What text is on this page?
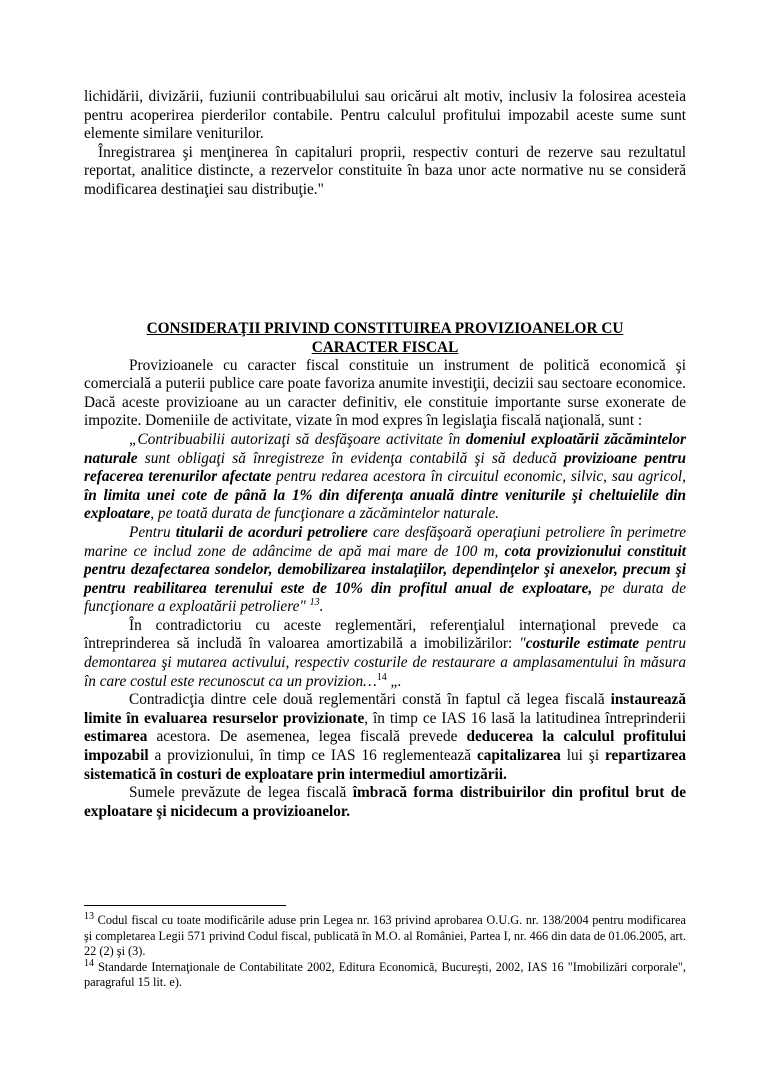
lichidării, divizării, fuziunii contribuabilului sau oricărui alt motiv, inclusiv la folosirea acesteia pentru acoperirea pierderilor contabile. Pentru calculul profitului impozabil aceste sume sunt elemente similare veniturilor.

Înregistrarea şi menţinerea în capitaluri proprii, respectiv conturi de rezerve sau rezultatul reportat, analitice distincte, a rezervelor constituite în baza unor acte normative nu se consideră modificarea destinaţiei sau distribuţie."

CONSIDERAŢII PRIVIND CONSTITUIREA PROVIZIOANELOR CU
CARACTER FISCAL

Provizioanele cu caracter fiscal constituie un instrument de politică economică şi comercială a puterii publice care poate favoriza anumite investiţii, decizii sau sectoare economice. Dacă aceste provizioane au un caracter definitiv, ele constituie importante surse exonerate de impozite. Domeniile de activitate, vizate în mod expres în legislaţia fiscală naţională, sunt :

„Contribuabilii autorizaţi să desfăşoare activitate în domeniul exploatării zăcămintelor naturale sunt obligaţi să înregistreze în evidenţa contabilă şi să deducă provizioane pentru refacerea terenurilor afectate pentru redarea acestora în circuitul economic, silvic, sau agricol, în limita unei cote de până la 1% din diferenţa anuală dintre veniturile şi cheltuielile din exploatare, pe toată durata de funcţionare a zăcămintelor naturale.

Pentru titularii de acorduri petroliere care desfăşoară operaţiuni petroliere în perimetre marine ce includ zone de adâncime de apă mai mare de 100 m, cota provizionului constituit pentru dezafectarea sondelor, demobilizarea instalaţiilor, dependinţelor şi anexelor, precum şi pentru reabilitarea terenului este de 10% din profitul anual de exploatare, pe durata de funcţionare a exploatării petroliere" $^{13}$.

În contradictoriu cu aceste reglementări, referenţialul internaţional prevede ca întreprinderea să includă în valoarea amortizabilă a imobilizărilor: "costurile estimate pentru demontarea şi mutarea activului, respectiv costurile de restaurare a amplasamentului în măsura în care costul este recunoscut ca un provizion…$^{14}$ „.

Contradicţia dintre cele două reglementări constă în faptul că legea fiscală instaurează limite în evaluarea resurselor provizionate, în timp ce IAS 16 lasă la latitudinea întreprinderii estimarea acestora. De asemenea, legea fiscală prevede deducerea la calculul profitului impozabil a provizionului, în timp ce IAS 16 reglementează capitalizarea lui şi repartizarea sistematică în costuri de exploatare prin intermediul amortizării.

Sumele prevăzute de legea fiscală îmbracă forma distribuirilor din profitul brut de exploatare şi nicidecum a provizioanelor.

$^{13}$ Codul fiscal cu toate modificările aduse prin Legea nr. 163 privind aprobarea O.U.G. nr. 138/2004 pentru modificarea şi completarea Legii 571 privind Codul fiscal, publicată în M.O. al României, Partea I, nr. 466 din data de 01.06.2005, art. 22 (2) şi (3).

$^{14}$ Standarde Internaţionale de Contabilitate 2002, Editura Economică, Bucureşti, 2002, IAS 16 "Imobilizări corporale", paragraful 15 lit. e).
